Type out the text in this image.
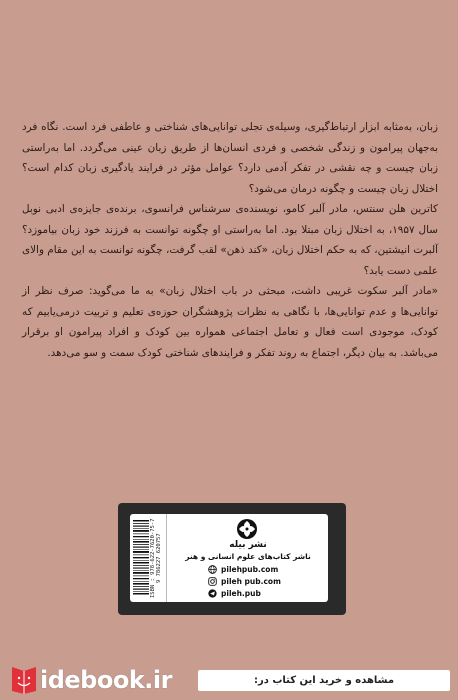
زبان، به‌مثابه ابزار ارتباط‌گیری، وسیله‌ی تجلی توانایی‌های شناختی و عاطفی فرد است. نگاه فرد به‌جهان پیرامون و زندگی شخصی و فردی انسان‌ها از طریق زبان عینی می‌گردد. اما به‌راستی زبان چیست و چه نقشی در تفکر آدمی دارد؟ عوامل مؤثر در فرایند یادگیری زبان کدام است؟ اختلال زبان چیست و چگونه درمان می‌شود؟

کاترین هلن سنتس، مادر آلبر کامو، نویسنده‌ی سرشناس فرانسوی، برنده‌ی جایزه‌ی ادبی نوبل سال ۱۹۵۷، به اختلال زبان مبتلا بود. اما به‌راستی او چگونه توانست به فرزند خود زبان بیاموزد؟ آلبرت انیشتین، که به حکم اختلال زبان، «کند ذهن» لقب گرفت، چگونه توانست به این مقام والای علمی دست یابد؟

«مادر آلبر سکوت غریبی داشت، مبحثی در باب اختلال زبان» به ما می‌گوید: صرف نظر از توانایی‌ها و عدم توانایی‌ها، با نگاهی به نظرات پژوهشگران حوزه‌ی تعلیم و تربیت درمی‌یابیم که کودک، موجودی است فعال و تعامل اجتماعی همواره بین کودک و افراد پیرامون او برقرار می‌باشد. به بیان دیگر، اجتماع به روند تفکر و فرایندهای شناختی کودک سمت و سو می‌دهد.

ISBN : 978-622-7620-75-7 9 786227 620757	نشر بیله
ناشر کتاب‌های علوم انسانی و هنر
pilehpub.com
pileh pub.com
pileh.pub
idebook.ir	مشاهده و خرید این کتاب در:
